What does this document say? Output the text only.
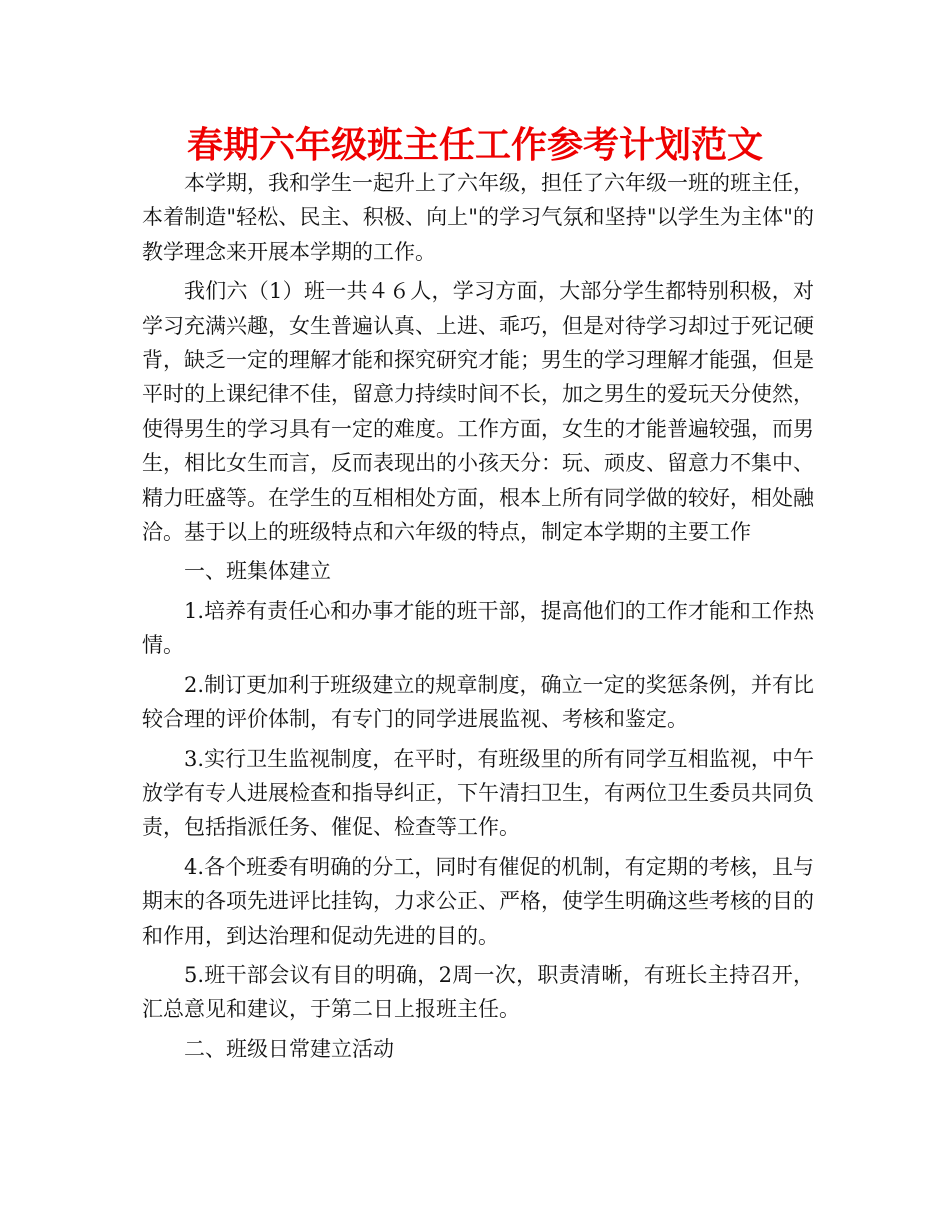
春期六年级班主任工作参考计划范文

本学期，我和学生一起升上了六年级，担任了六年级一班的班主任，本着制造"轻松、民主、积极、向上"的学习气氛和坚持"以学生为主体"的教学理念来开展本学期的工作。

我们六（1）班一共４６人，学习方面，大部分学生都特别积极，对学习充满兴趣，女生普遍认真、上进、乖巧，但是对待学习却过于死记硬背，缺乏一定的理解才能和探究研究才能；男生的学习理解才能强，但是平时的上课纪律不佳，留意力持续时间不长，加之男生的爱玩天分使然，使得男生的学习具有一定的难度。工作方面，女生的才能普遍较强，而男生，相比女生而言，反而表现出的小孩天分：玩、顽皮、留意力不集中、精力旺盛等。在学生的互相相处方面，根本上所有同学做的较好，相处融洽。基于以上的班级特点和六年级的特点，制定本学期的主要工作

一、班集体建立

1.培养有责任心和办事才能的班干部，提高他们的工作才能和工作热情。

2.制订更加利于班级建立的规章制度，确立一定的奖惩条例，并有比较合理的评价体制，有专门的同学进展监视、考核和鉴定。

3.实行卫生监视制度，在平时，有班级里的所有同学互相监视，中午放学有专人进展检查和指导纠正，下午清扫卫生，有两位卫生委员共同负责，包括指派任务、催促、检查等工作。

4.各个班委有明确的分工，同时有催促的机制，有定期的考核，且与期末的各项先进评比挂钩，力求公正、严格，使学生明确这些考核的目的和作用，到达治理和促动先进的目的。

5.班干部会议有目的明确，2周一次，职责清晰，有班长主持召开，汇总意见和建议，于第二日上报班主任。

二、班级日常建立活动
